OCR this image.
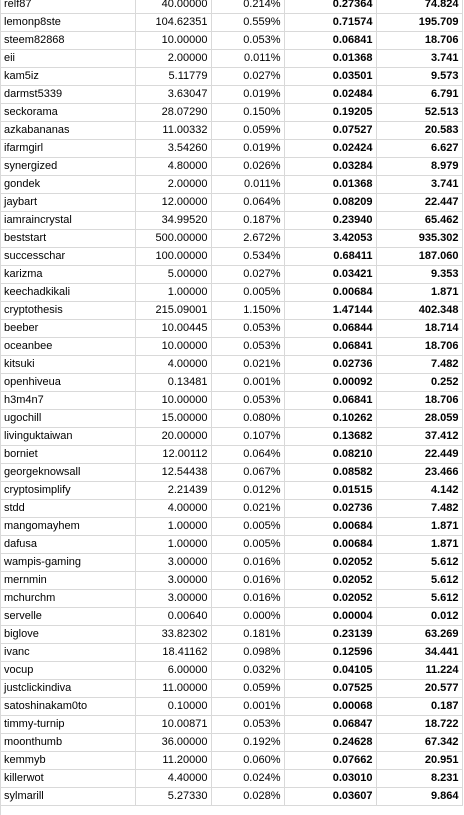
relf87	40.00000	0.214%	0.27364	74.824
lemonp8ste	104.62351	0.559%	0.71574	195.709
steem82868	10.00000	0.053%	0.06841	18.706
eii	2.00000	0.011%	0.01368	3.741
kam5iz	5.11779	0.027%	0.03501	9.573
darmst5339	3.63047	0.019%	0.02484	6.791
seckorama	28.07290	0.150%	0.19205	52.513
azkabananas	11.00332	0.059%	0.07527	20.583
ifarmgirl	3.54260	0.019%	0.02424	6.627
synergized	4.80000	0.026%	0.03284	8.979
gondek	2.00000	0.011%	0.01368	3.741
jaybart	12.00000	0.064%	0.08209	22.447
iamraincrystal	34.99520	0.187%	0.23940	65.462
beststart	500.00000	2.672%	3.42053	935.302
successchar	100.00000	0.534%	0.68411	187.060
karizma	5.00000	0.027%	0.03421	9.353
keechadkikali	1.00000	0.005%	0.00684	1.871
cryptothesis	215.09001	1.150%	1.47144	402.348
beeber	10.00445	0.053%	0.06844	18.714
oceanbee	10.00000	0.053%	0.06841	18.706
kitsuki	4.00000	0.021%	0.02736	7.482
openhiveua	0.13481	0.001%	0.00092	0.252
h3m4n7	10.00000	0.053%	0.06841	18.706
ugochill	15.00000	0.080%	0.10262	28.059
livinguktaiwan	20.00000	0.107%	0.13682	37.412
borniet	12.00112	0.064%	0.08210	22.449
georgeknowsall	12.54438	0.067%	0.08582	23.466
cryptosimplify	2.21439	0.012%	0.01515	4.142
stdd	4.00000	0.021%	0.02736	7.482
mangomayhem	1.00000	0.005%	0.00684	1.871
dafusa	1.00000	0.005%	0.00684	1.871
wampis-gaming	3.00000	0.016%	0.02052	5.612
mernmin	3.00000	0.016%	0.02052	5.612
mchurchm	3.00000	0.016%	0.02052	5.612
servelle	0.00640	0.000%	0.00004	0.012
biglove	33.82302	0.181%	0.23139	63.269
ivanc	18.41162	0.098%	0.12596	34.441
vocup	6.00000	0.032%	0.04105	11.224
justclickindiva	11.00000	0.059%	0.07525	20.577
satoshinakam0to	0.10000	0.001%	0.00068	0.187
timmy-turnip	10.00871	0.053%	0.06847	18.722
moonthumb	36.00000	0.192%	0.24628	67.342
kemmyb	11.20000	0.060%	0.07662	20.951
killerwot	4.40000	0.024%	0.03010	8.231
sylmarill	5.27330	0.028%	0.03607	9.864
